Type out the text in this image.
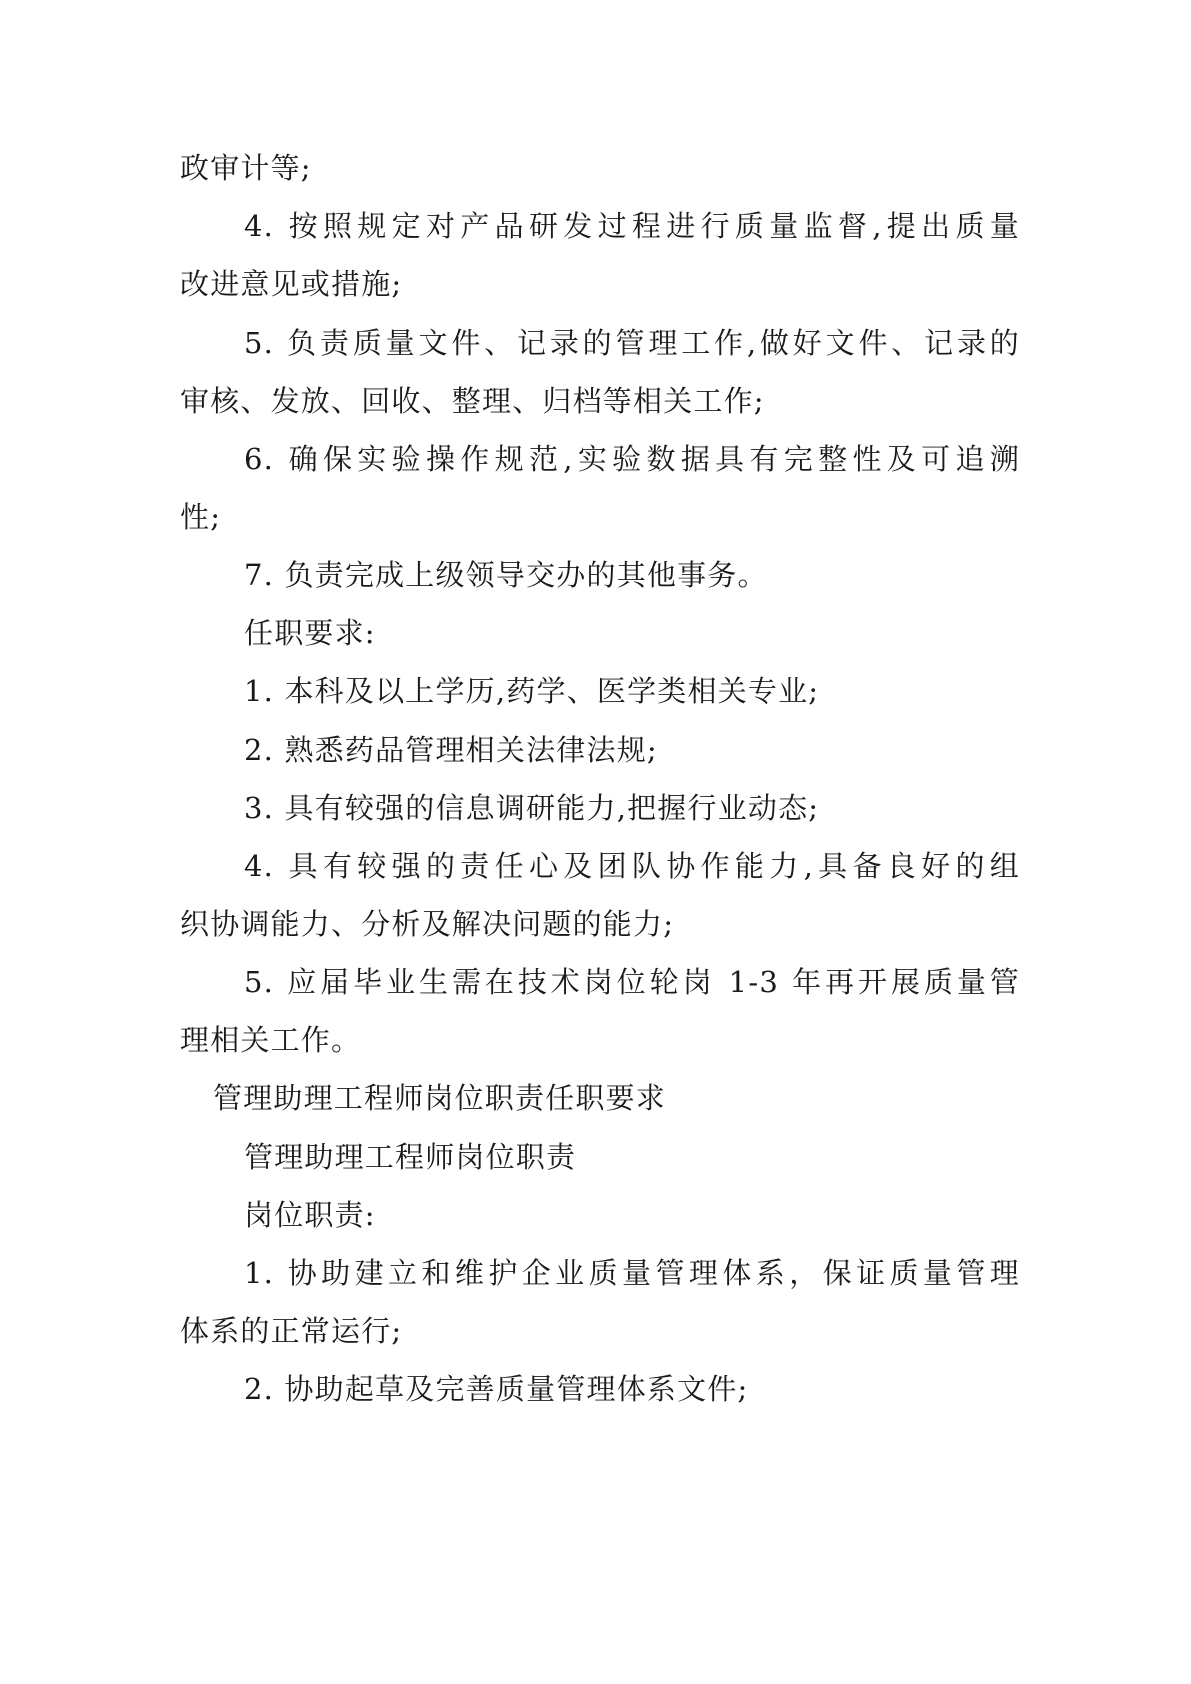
政审计等;
4. 按照规定对产品研发过程进行质量监督,提出质量
改进意见或措施;
5. 负责质量文件、记录的管理工作,做好文件、记录的
审核、发放、回收、整理、归档等相关工作;
6. 确保实验操作规范,实验数据具有完整性及可追溯
性;
7. 负责完成上级领导交办的其他事务。
任职要求:
1. 本科及以上学历,药学、医学类相关专业;
2. 熟悉药品管理相关法律法规;
3. 具有较强的信息调研能力,把握行业动态;
4. 具有较强的责任心及团队协作能力,具备良好的组
织协调能力、分析及解决问题的能力;
5. 应届毕业生需在技术岗位轮岗 1-3 年再开展质量管
理相关工作。
管理助理工程师岗位职责任职要求
管理助理工程师岗位职责
岗位职责:
1. 协助建立和维护企业质量管理体系，保证质量管理
体系的正常运行;
2. 协助起草及完善质量管理体系文件;
